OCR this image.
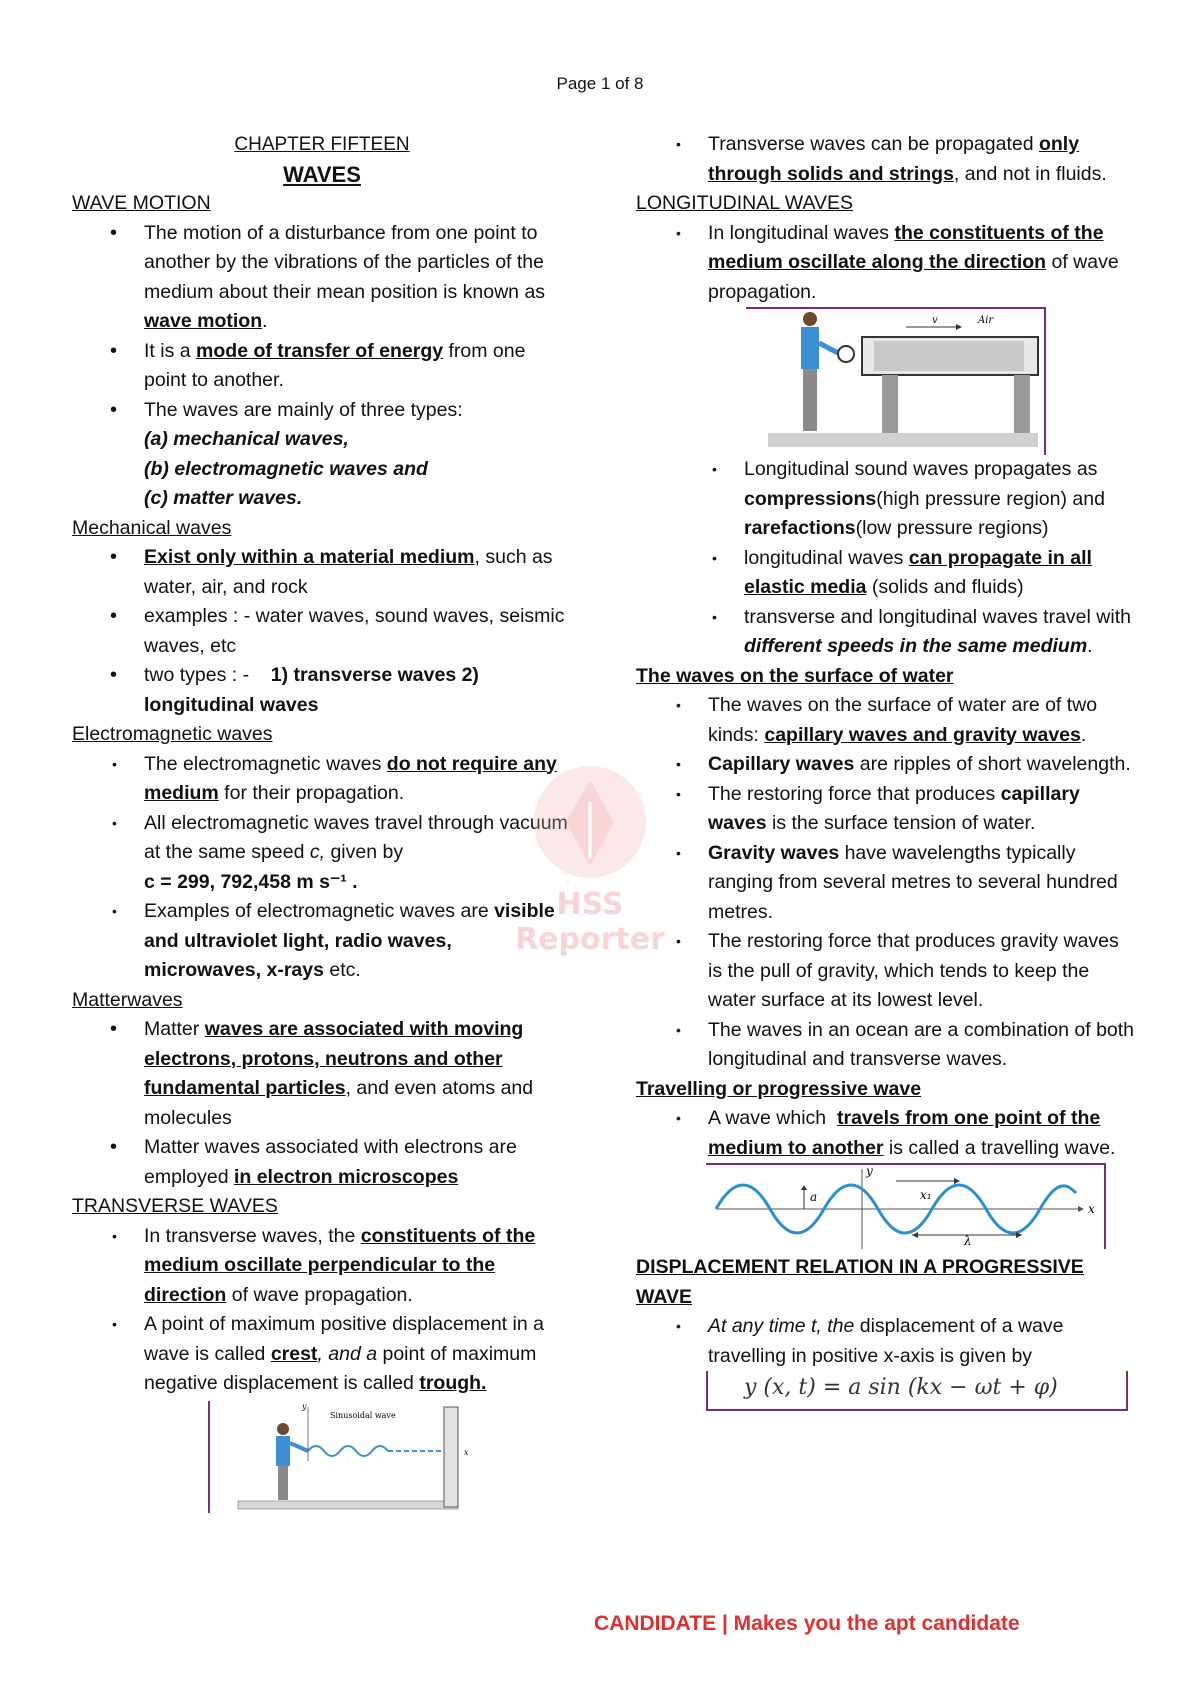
Page 1 of 8
CHAPTER FIFTEEN
WAVES
WAVE MOTION
• The motion of a disturbance from one point to another by the vibrations of the particles of the medium about their mean position is known as wave motion.
• It is a mode of transfer of energy from one point to another.
• The waves are mainly of three types:
(a) mechanical waves,
(b) electromagnetic waves and
(c) matter waves.
Mechanical waves
• Exist only within a material medium, such as water, air, and rock
• examples : - water waves, sound waves, seismic waves, etc
• two types : -    1) transverse waves 2) longitudinal waves
Electromagnetic waves
• The electromagnetic waves do not require any medium for their propagation.
• All electromagnetic waves travel through vacuum at the same speed c, given by
c = 299, 792,458 m s⁻¹ .
• Examples of electromagnetic waves are visible and ultraviolet light, radio waves, microwaves, x-rays etc.
Matterwaves
• Matter waves are associated with moving electrons, protons, neutrons and other fundamental particles, and even atoms and molecules
• Matter waves associated with electrons are employed in electron microscopes
TRANSVERSE WAVES
• In transverse waves, the constituents of the medium oscillate perpendicular to the direction of wave propagation.
• A point of maximum positive displacement in a wave is called crest, and a point of maximum negative displacement is called trough.
y
Sinusoidal wave
x
• Transverse waves can be propagated only through solids and strings, and not in fluids.
LONGITUDINAL WAVES
• In longitudinal waves the constituents of the medium oscillate along the direction of wave propagation.
v	Air
• Longitudinal sound waves propagates as compressions(high pressure region) and rarefactions(low pressure regions)
• longitudinal waves can propagate in all elastic media (solids and fluids)
• transverse and longitudinal waves travel with different speeds in the same medium.
The waves on the surface of water
• The waves on the surface of water are of two kinds: capillary waves and gravity waves.
• Capillary waves are ripples of short wavelength.
• The restoring force that produces capillary waves is the surface tension of water.
• Gravity waves have wavelengths typically ranging from several metres to several hundred metres.
• The restoring force that produces gravity waves is the pull of gravity, which tends to keep the water surface at its lowest level.
• The waves in an ocean are a combination of both longitudinal and transverse waves.
Travelling or progressive wave
• A wave which  travels from one point of the medium to another is called a travelling wave.
y
a	x₁
λ
x
DISPLACEMENT RELATION IN A PROGRESSIVE WAVE
• At any time t, the displacement of a wave travelling in positive x-axis is given by
y (x, t) = a sin (kx − ωt + φ)
HSS Reporter
CANDIDATE | Makes you the apt candidate
